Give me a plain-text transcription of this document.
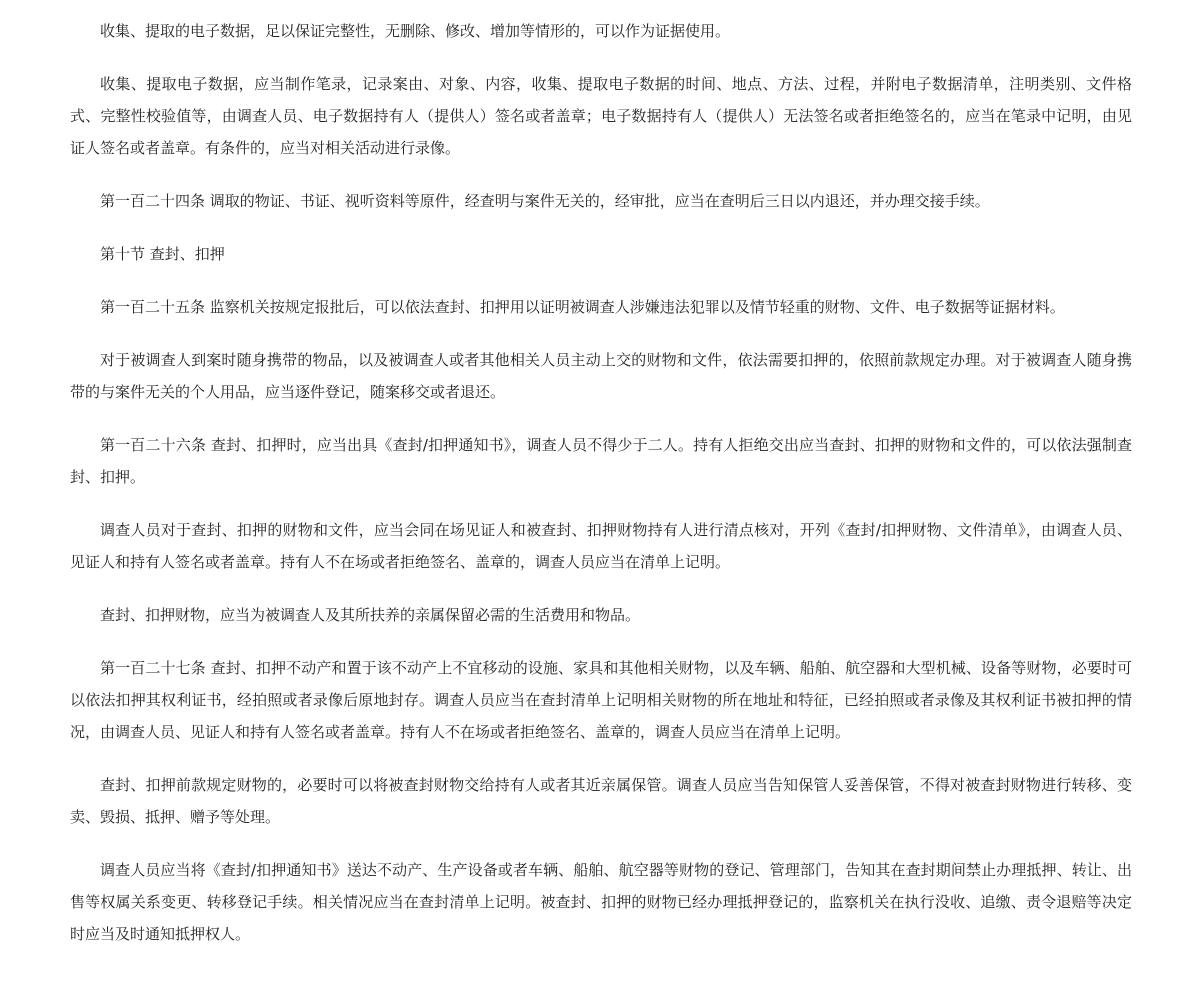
收集、提取的电子数据，足以保证完整性，无删除、修改、增加等情形的，可以作为证据使用。

收集、提取电子数据，应当制作笔录，记录案由、对象、内容，收集、提取电子数据的时间、地点、方法、过程，并附电子数据清单，注明类别、文件格式、完整性校验值等，由调查人员、电子数据持有人（提供人）签名或者盖章；电子数据持有人（提供人）无法签名或者拒绝签名的，应当在笔录中记明，由见证人签名或者盖章。有条件的，应当对相关活动进行录像。

第一百二十四条 调取的物证、书证、视听资料等原件，经查明与案件无关的，经审批，应当在查明后三日以内退还，并办理交接手续。

第十节 查封、扣押

第一百二十五条 监察机关按规定报批后，可以依法查封、扣押用以证明被调查人涉嫌违法犯罪以及情节轻重的财物、文件、电子数据等证据材料。

对于被调查人到案时随身携带的物品，以及被调查人或者其他相关人员主动上交的财物和文件，依法需要扣押的，依照前款规定办理。对于被调查人随身携带的与案件无关的个人用品，应当逐件登记，随案移交或者退还。

第一百二十六条 查封、扣押时，应当出具《查封/扣押通知书》，调查人员不得少于二人。持有人拒绝交出应当查封、扣押的财物和文件的，可以依法强制查封、扣押。

调查人员对于查封、扣押的财物和文件，应当会同在场见证人和被查封、扣押财物持有人进行清点核对，开列《查封/扣押财物、文件清单》，由调查人员、见证人和持有人签名或者盖章。持有人不在场或者拒绝签名、盖章的，调查人员应当在清单上记明。

查封、扣押财物，应当为被调查人及其所扶养的亲属保留必需的生活费用和物品。

第一百二十七条 查封、扣押不动产和置于该不动产上不宜移动的设施、家具和其他相关财物，以及车辆、船舶、航空器和大型机械、设备等财物，必要时可以依法扣押其权利证书，经拍照或者录像后原地封存。调查人员应当在查封清单上记明相关财物的所在地址和特征，已经拍照或者录像及其权利证书被扣押的情况，由调查人员、见证人和持有人签名或者盖章。持有人不在场或者拒绝签名、盖章的，调查人员应当在清单上记明。

查封、扣押前款规定财物的，必要时可以将被查封财物交给持有人或者其近亲属保管。调查人员应当告知保管人妥善保管，不得对被查封财物进行转移、变卖、毁损、抵押、赠予等处理。

调查人员应当将《查封/扣押通知书》送达不动产、生产设备或者车辆、船舶、航空器等财物的登记、管理部门，告知其在查封期间禁止办理抵押、转让、出售等权属关系变更、转移登记手续。相关情况应当在查封清单上记明。被查封、扣押的财物已经办理抵押登记的，监察机关在执行没收、追缴、责令退赔等决定时应当及时通知抵押权人。
